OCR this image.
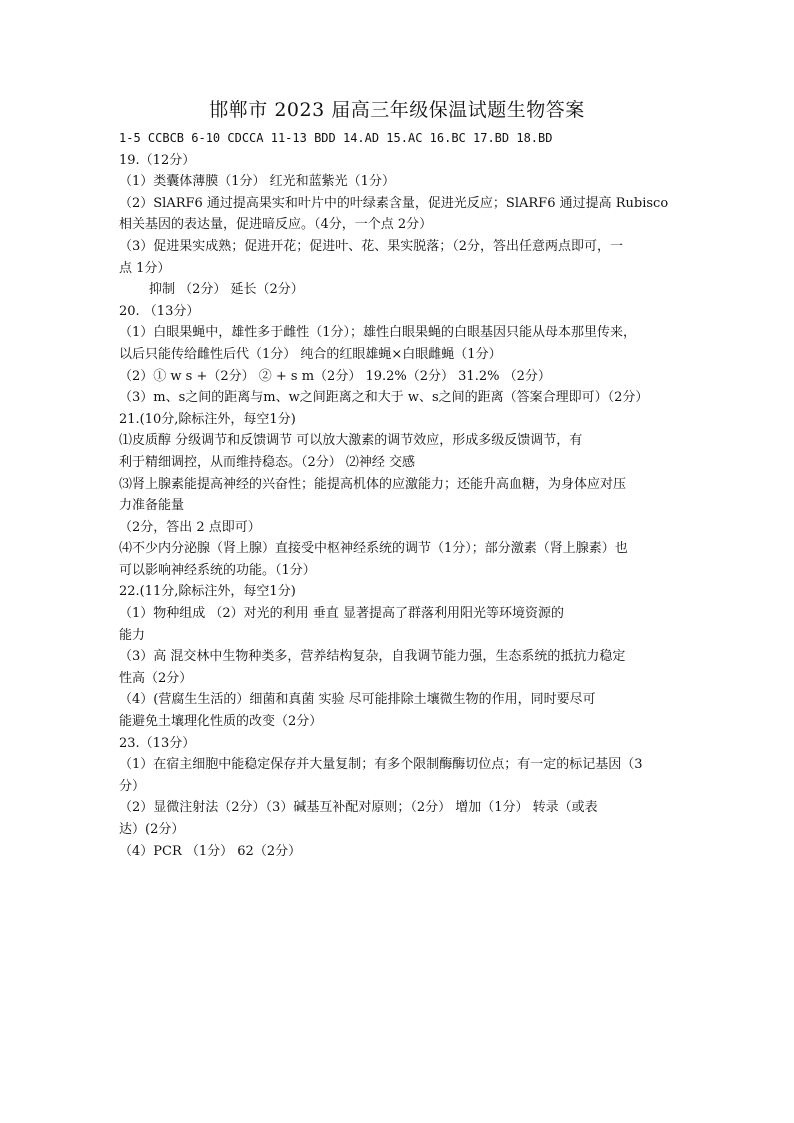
邯郸市 2023 届高三年级保温试题生物答案
1-5 CCBCB 6-10 CDCCA 11-13 BDD 14.AD 15.AC 16.BC 17.BD 18.BD
19.（12分）
（1）类囊体薄膜（1分） 红光和蓝紫光（1分）
（2）SlARF6 通过提高果实和叶片中的叶绿素含量，促进光反应；SlARF6 通过提高 Rubisco
相关基因的表达量，促进暗反应。（4分，一个点 2分）
（3）促进果实成熟；促进开花；促进叶、花、果实脱落；（2分，答出任意两点即可，一
点 1分）
抑制 （2分） 延长（2分）
20. （13分）
（1）白眼果蝇中，雄性多于雌性（1分）；雄性白眼果蝇的白眼基因只能从母本那里传来，
以后只能传给雌性后代（1分） 纯合的红眼雄蝇×白眼雌蝇（1分）
（2）① w s +（2分） ② + s m（2分） 19.2%（2分） 31.2% （2分）
（3）m、s之间的距离与m、w之间距离之和大于 w、s之间的距离（答案合理即可）（2分）
21.(10分,除标注外，每空1分)
⑴皮质醇 分级调节和反馈调节 可以放大激素的调节效应，形成多级反馈调节，有
利于精细调控，从而维持稳态。（2分） ⑵神经 交感
⑶肾上腺素能提高神经的兴奋性；能提高机体的应激能力；还能升高血糖，为身体应对压
力准备能量
（2分，答出 2 点即可）
⑷不少内分泌腺（肾上腺）直接受中枢神经系统的调节（1分）；部分激素（肾上腺素）也
可以影响神经系统的功能。（1分）
22.(11分,除标注外，每空1分)
（1）物种组成 （2）对光的利用 垂直 显著提高了群落利用阳光等环境资源的
能力
（3）高 混交林中生物种类多，营养结构复杂，自我调节能力强，生态系统的抵抗力稳定
性高（2分）
（4）(营腐生生活的）细菌和真菌 实验 尽可能排除土壤微生物的作用，同时要尽可
能避免土壤理化性质的改变（2分）
23.（13分）
（1）在宿主细胞中能稳定保存并大量复制；有多个限制酶酶切位点；有一定的标记基因（3
分）
（2）显微注射法（2分）（3）碱基互补配对原则；（2分） 增加（1分） 转录（或表
达）(2分）
（4）PCR （1分） 62（2分）
